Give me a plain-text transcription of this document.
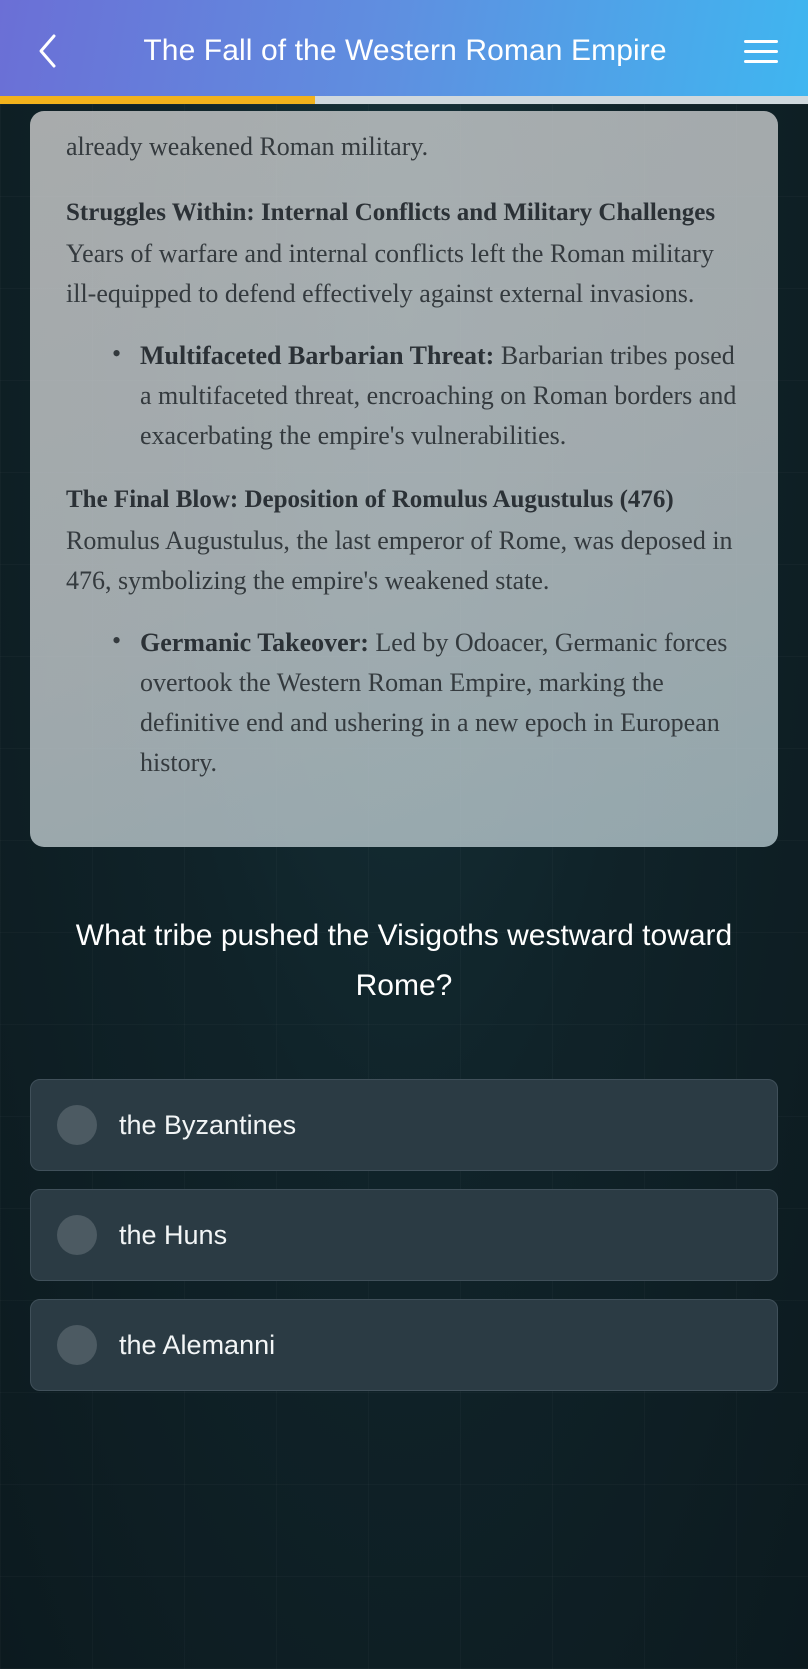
The Fall of the Western Roman Empire

already weakened Roman military.

Struggles Within: Internal Conflicts and Military Challenges

Years of warfare and internal conflicts left the Roman military ill-equipped to defend effectively against external invasions.

• Multifaceted Barbarian Threat: Barbarian tribes posed a multifaceted threat, encroaching on Roman borders and exacerbating the empire's vulnerabilities.
The Final Blow: Deposition of Romulus Augustulus (476)

Romulus Augustulus, the last emperor of Rome, was deposed in 476, symbolizing the empire's weakened state.

• Germanic Takeover: Led by Odoacer, Germanic forces overtook the Western Roman Empire, marking the definitive end and ushering in a new epoch in European history.
What tribe pushed the Visigoths westward toward Rome?
the Byzantines
the Huns
the Alemanni
